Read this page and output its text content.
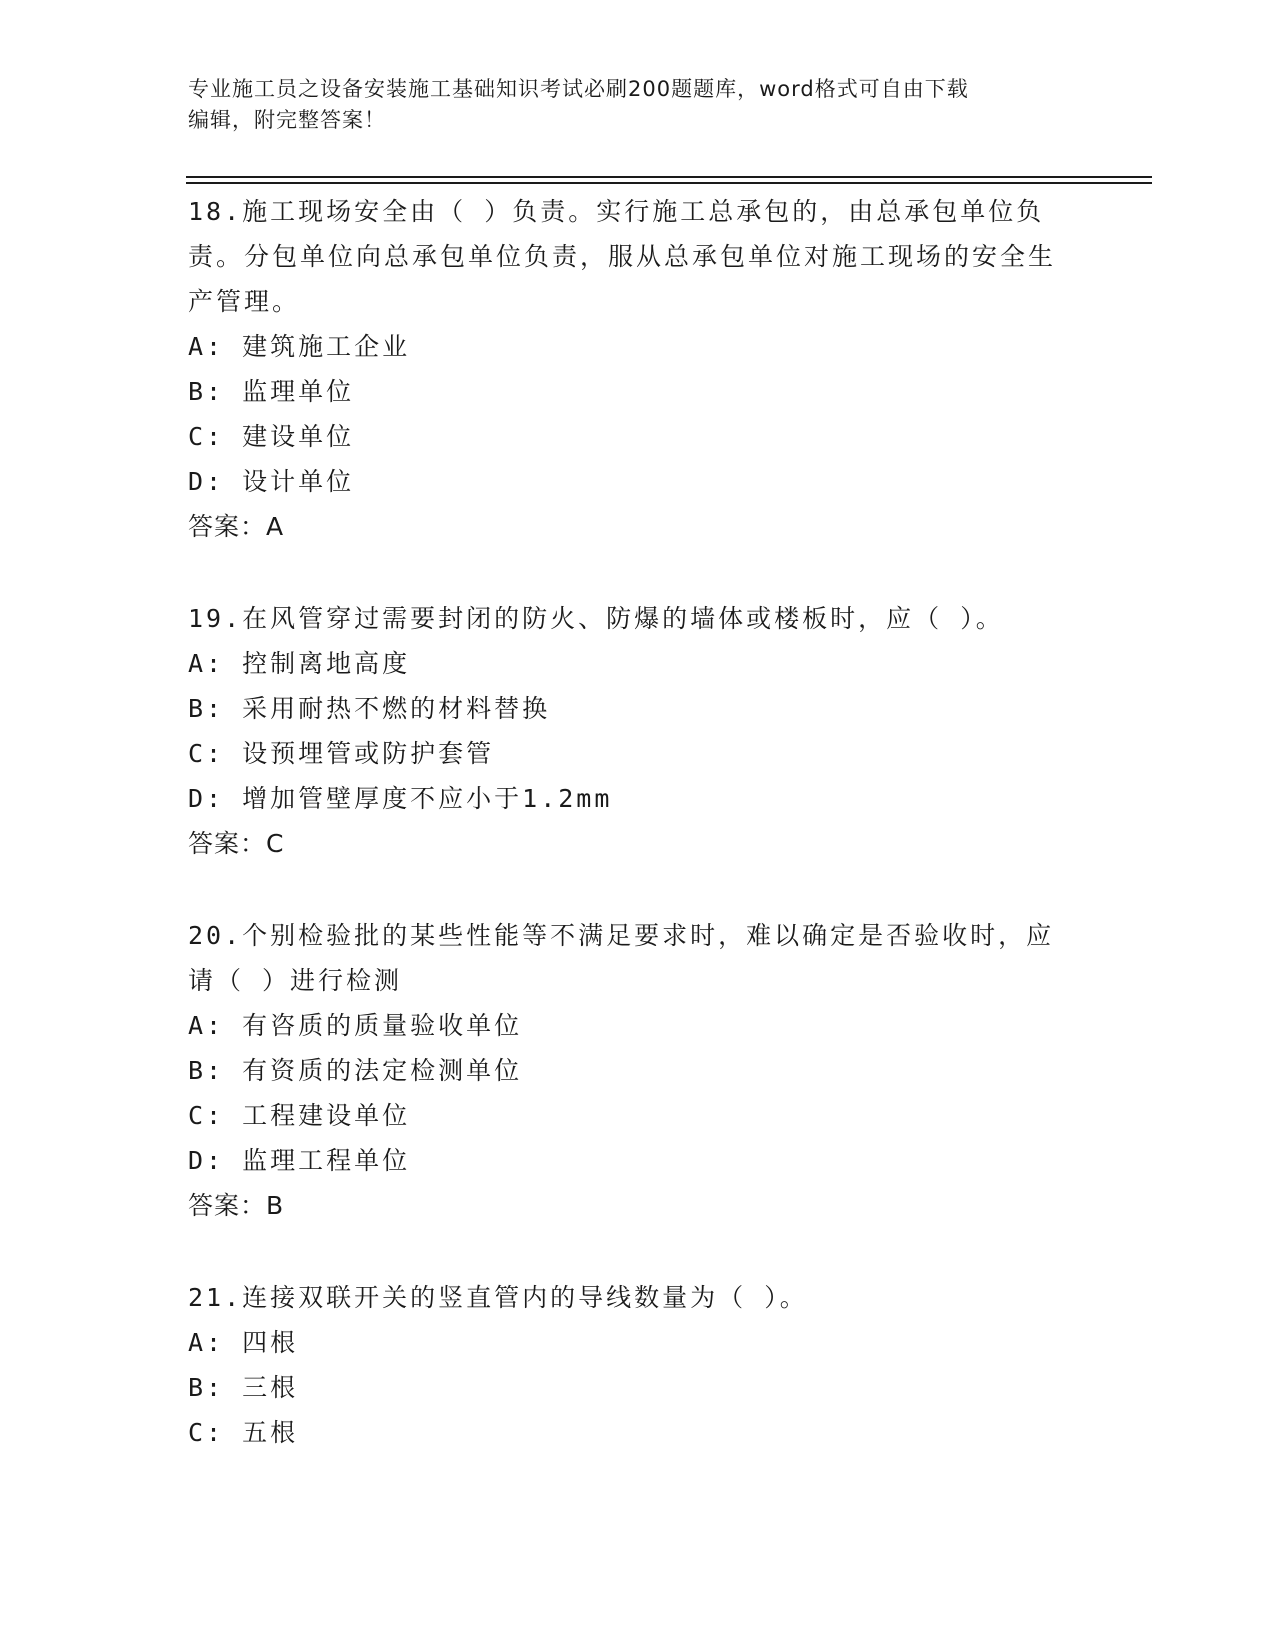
专业施工员之设备安装施工基础知识考试必刷200题题库，word格式可自由下载
编辑，附完整答案！
18.施工现场安全由（ ）负责。实行施工总承包的，由总承包单位负责。分包单位向总承包单位负责，服从总承包单位对施工现场的安全生产管理。
A: 建筑施工企业
B: 监理单位
C: 建设单位
D: 设计单位
答案：A
19.在风管穿过需要封闭的防火、防爆的墙体或楼板时，应（ ）。
A: 控制离地高度
B: 采用耐热不燃的材料替换
C: 设预埋管或防护套管
D: 增加管壁厚度不应小于1.2mm
答案：C
20.个别检验批的某些性能等不满足要求时，难以确定是否验收时，应请（ ）进行检测
A: 有咨质的质量验收单位
B: 有资质的法定检测单位
C: 工程建设单位
D: 监理工程单位
答案：B
21.连接双联开关的竖直管内的导线数量为（ ）。
A: 四根
B: 三根
C: 五根
